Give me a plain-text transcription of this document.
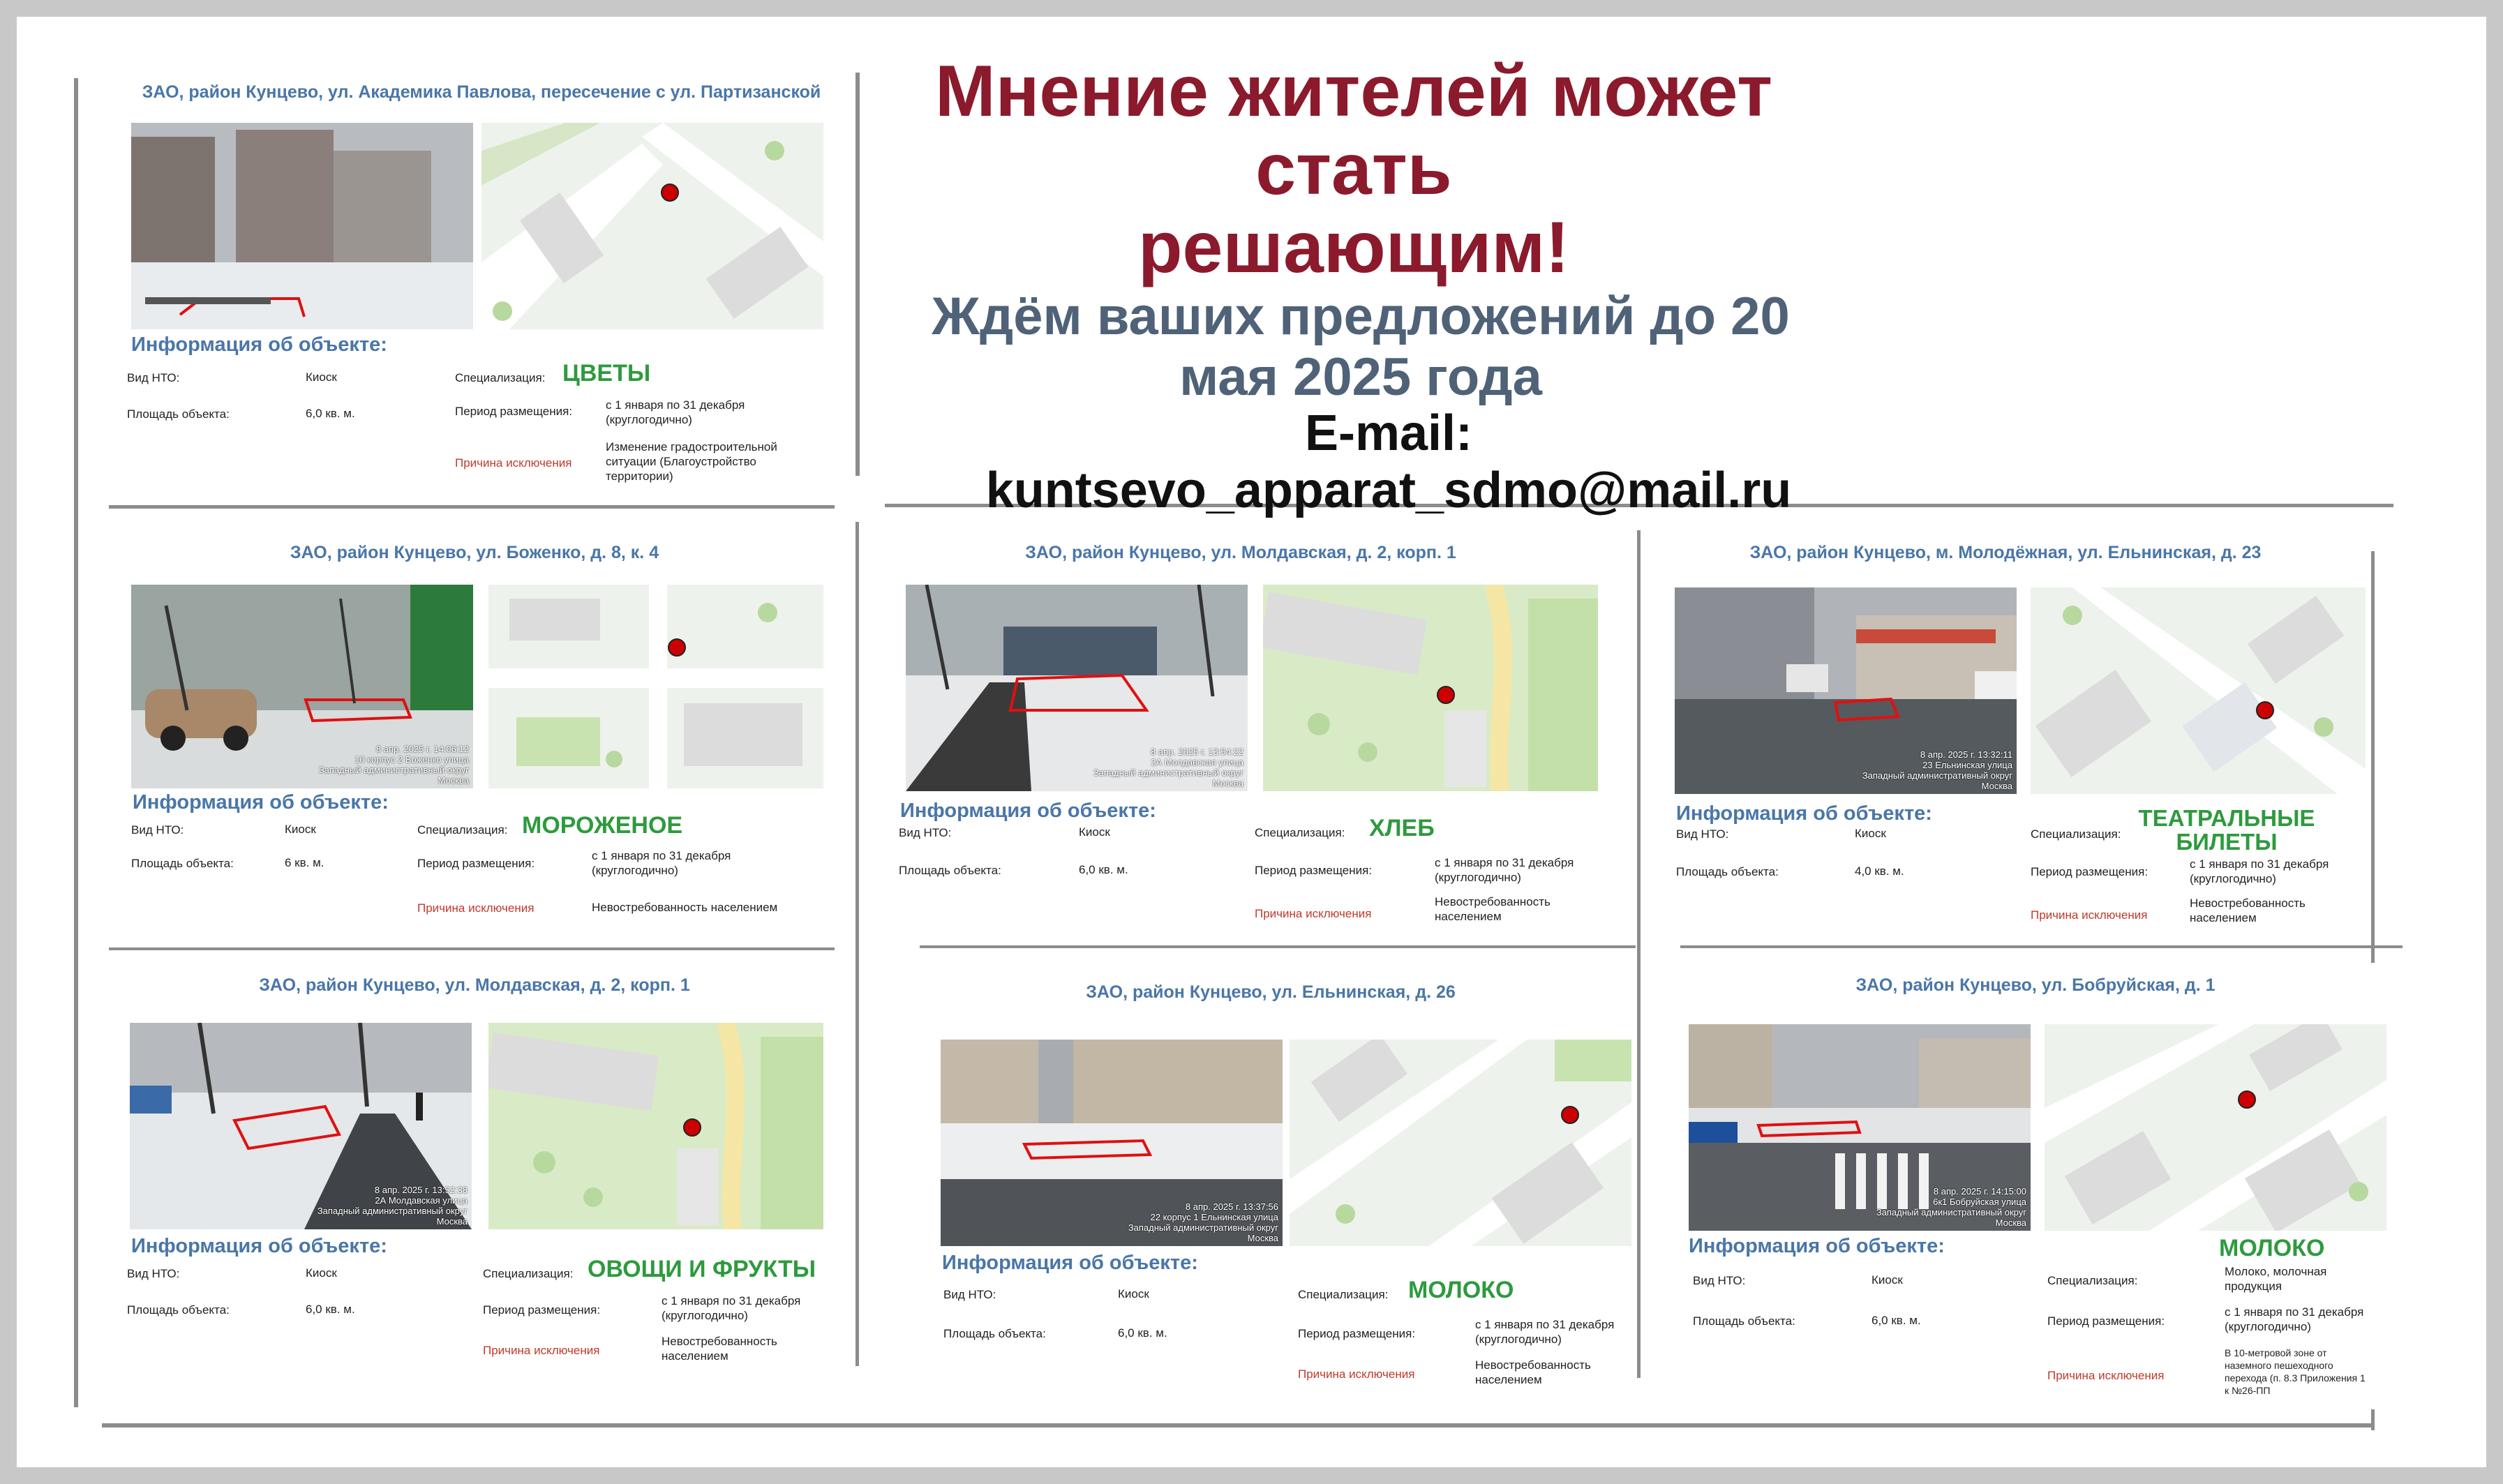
Мнение жителей может стать
решающим!
Ждём ваших предложений до 20 мая 2025 года
E-mail: kuntsevo_apparat_sdmo@mail.ru
ЗАО, район Кунцево, ул. Академика Павлова, пересечение с ул. Партизанской
Информация об объекте:
Вид НТО:	Киоск
Площадь объекта:	6,0 кв. м.
Специализация: ЦВЕТЫ
Период размещения:	с 1 января по 31 декабря (круглогодично)
Причина исключения
Изменение градостроительной ситуации (Благоустройство территории)
ЗАО, район Кунцево, ул. Боженко, д. 8, к. 4
8 апр. 2025 г. 14:06:12
10 корпус 2 Боженко улица
Западный административный округ
Москва
Информация об объекте:
Вид НТО:	Киоск
Площадь объекта:	6 кв. м.
Специализация: МОРОЖЕНОЕ
Период размещения:
с 1 января по 31 декабря (круглогодично)
Причина исключения	Невостребованность населением
ЗАО, район Кунцево, ул. Молдавская, д. 2, корп. 1
8 апр. 2025 г. 13:54:22
2А Молдавская улица
Западный административный округ
Москва
Информация об объекте:
Вид НТО:	Киоск
Площадь объекта:	6,0 кв. м.
Специализация: ХЛЕБ
Период размещения:
с 1 января по 31 декабря (круглогодично)
Причина исключения
Невостребованность населением
ЗАО, район Кунцево, м. Молодёжная, ул. Ельнинская, д. 23
8 апр. 2025 г. 13:32:11
23 Ельнинская улица
Западный административный округ
Москва
Информация об объекте:
Вид НТО:	Киоск
Площадь объекта:	4,0 кв. м.
Специализация:
ТЕАТРАЛЬНЫЕ БИЛЕТЫ
Период размещения:
с 1 января по 31 декабря (круглогодично)
Причина исключения
Невостребованность населением
ЗАО, район Кунцево, ул. Молдавская, д. 2, корп. 1
8 апр. 2025 г. 13:52:38
2А Молдавская улица
Западный административный округ
Москва
Информация об объекте:
Вид НТО:	Киоск
Площадь объекта:	6,0 кв. м.
Специализация: ОВОЩИ И ФРУКТЫ
Период размещения:
с 1 января по 31 декабря (круглогодично)
Причина исключения
Невостребованность населением
ЗАО, район Кунцево, ул. Ельнинская, д. 26
8 апр. 2025 г. 13:37:56
22 корпус 1 Ельнинская улица
Западный административный округ
Москва
Информация об объекте:
Вид НТО:	Киоск
Площадь объекта:	6,0 кв. м.
Специализация: МОЛОКО
Период размещения:
с 1 января по 31 декабря (круглогодично)
Причина исключения
Невостребованность населением
ЗАО, район Кунцево, ул. Бобруйская, д. 1
8 апр. 2025 г. 14:15:00
6к1 Бобруйская улица
Западный административный округ
Москва
Информация об объекте:
Вид НТО:	Киоск
Площадь объекта:	6,0 кв. м.
Специализация:
МОЛОКО
Молоко, молочная продукция
Период размещения:
с 1 января по 31 декабря (круглогодично)
Причина исключения
В 10-метровой зоне от наземного пешеходного перехода (п. 8.3 Приложения 1 к №26-ПП
